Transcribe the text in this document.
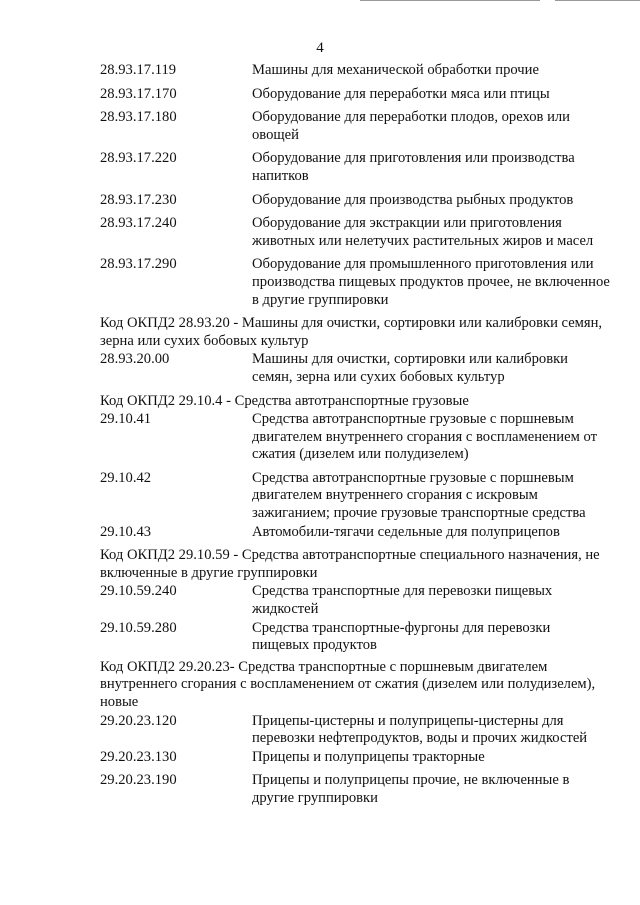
4
28.93.17.119	Машины для механической обработки прочие
28.93.17.170	Оборудование для переработки мяса или птицы
28.93.17.180	Оборудование для переработки плодов, орехов или овощей
28.93.17.220	Оборудование для приготовления или производства напитков
28.93.17.230	Оборудование для производства рыбных продуктов
28.93.17.240	Оборудование для экстракции или приготовления животных или нелетучих растительных жиров и масел
28.93.17.290	Оборудование для промышленного приготовления или производства пищевых продуктов прочее, не включенное в другие группировки
Код ОКПД2 28.93.20 - Машины для очистки, сортировки или калибровки семян, зерна или сухих бобовых культур
28.93.20.00	Машины для очистки, сортировки или калибровки семян, зерна или сухих бобовых культур
Код ОКПД2 29.10.4 - Средства автотранспортные грузовые
29.10.41	Средства автотранспортные грузовые с поршневым двигателем внутреннего сгорания с воспламенением от сжатия (дизелем или полудизелем)
29.10.42	Средства автотранспортные грузовые с поршневым двигателем внутреннего сгорания с искровым зажиганием; прочие грузовые транспортные средства
29.10.43	Автомобили-тягачи седельные для полуприцепов
Код ОКПД2 29.10.59 - Средства автотранспортные специального назначения, не включенные в другие группировки
29.10.59.240	Средства транспортные для перевозки пищевых жидкостей
29.10.59.280	Средства транспортные-фургоны для перевозки пищевых продуктов
Код ОКПД2 29.20.23- Средства транспортные с поршневым двигателем внутреннего сгорания с воспламенением от сжатия (дизелем или полудизелем), новые
29.20.23.120	Прицепы-цистерны и полуприцепы-цистерны для перевозки нефтепродуктов, воды и прочих жидкостей
29.20.23.130	Прицепы и полуприцепы тракторные
29.20.23.190	Прицепы и полуприцепы прочие, не включенные в другие группировки
